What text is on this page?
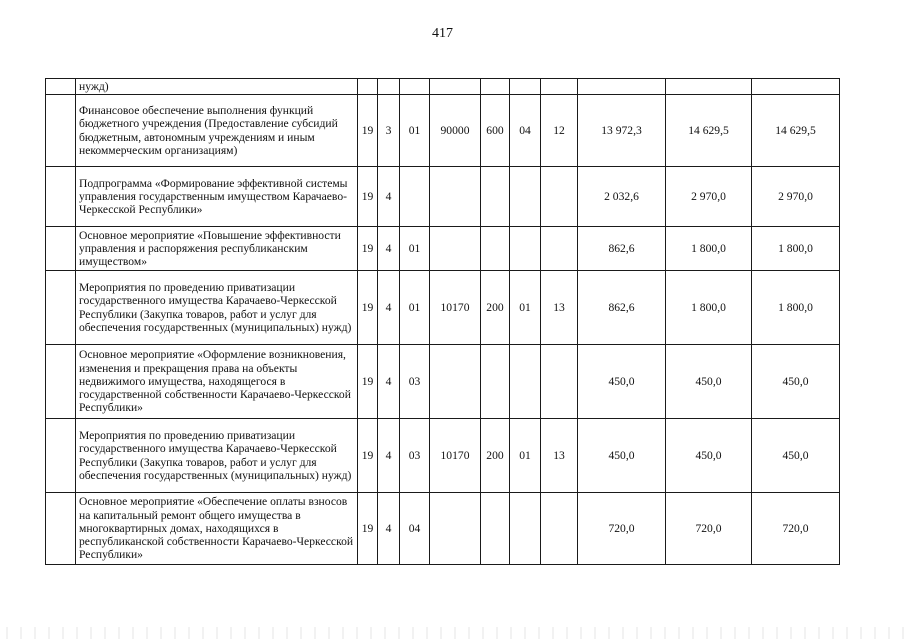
417
	нужд)										
	Финансовое обеспечение выполнения функций бюджетного учреждения (Предоставление субсидий бюджетным, автономным учреждениям и иным некоммерческим организациям)	19	3	01	90000	600	04	12	13 972,3	14 629,5	14 629,5
	Подпрограмма «Формирование эффективной системы управления государственным имуществом Карачаево-Черкесской Республики»	19	4						2 032,6	2 970,0	2 970,0
	Основное мероприятие «Повышение эффективности управления и распоряжения республиканским имуществом»	19	4	01					862,6	1 800,0	1 800,0
	Мероприятия по проведению приватизации государственного имущества Карачаево-Черкесской Республики (Закупка товаров, работ и услуг для обеспечения государственных (муниципальных) нужд)	19	4	01	10170	200	01	13	862,6	1 800,0	1 800,0
	Основное мероприятие «Оформление возникновения, изменения и прекращения права на объекты недвижимого имущества, находящегося в государственной собственности Карачаево-Черкесской Республики»	19	4	03					450,0	450,0	450,0
	Мероприятия по проведению приватизации государственного имущества Карачаево-Черкесской Республики (Закупка товаров, работ и услуг для обеспечения государственных (муниципальных) нужд)	19	4	03	10170	200	01	13	450,0	450,0	450,0
	Основное мероприятие «Обеспечение оплаты взносов на капитальный ремонт общего имущества в многоквартирных домах, находящихся в республиканской собственности Карачаево-Черкесской Республики»	19	4	04					720,0	720,0	720,0
